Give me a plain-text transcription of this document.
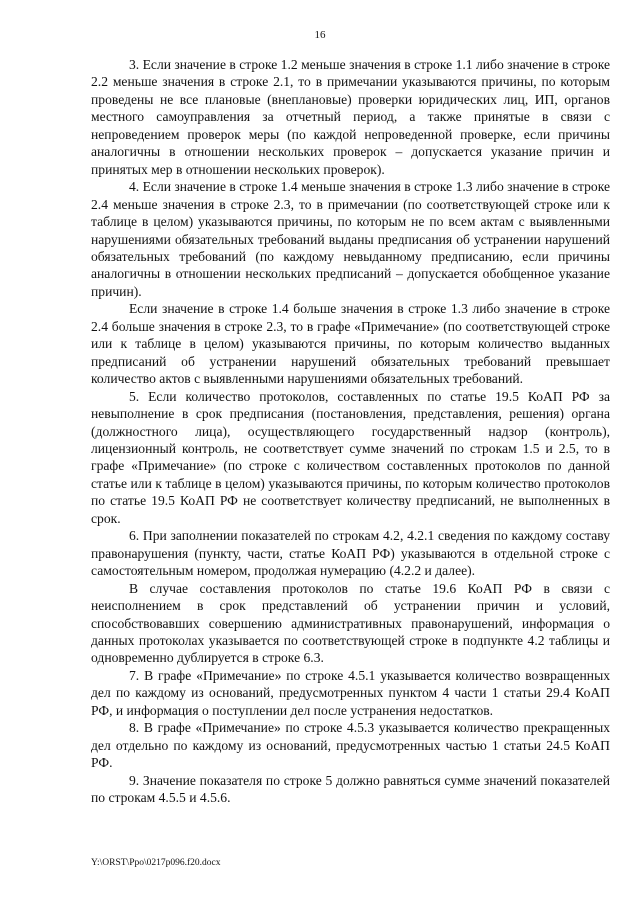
16

3. Если значение в строке 1.2 меньше значения в строке 1.1 либо значение в строке 2.2 меньше значения в строке 2.1, то в примечании указываются причины, по которым проведены не все плановые (внеплановые) проверки юридических лиц, ИП, органов местного самоуправления за отчетный период, а также принятые в связи с непроведением проверок меры (по каждой непроведенной проверке, если причины аналогичны в отношении нескольких проверок – допускается указание причин и принятых мер в отношении нескольких проверок).

4. Если значение в строке 1.4 меньше значения в строке 1.3 либо значение в строке 2.4 меньше значения в строке 2.3, то в примечании (по соответствующей строке или к таблице в целом) указываются причины, по которым не по всем актам с выявленными нарушениями обязательных требований выданы предписания об устранении нарушений обязательных требований (по каждому невыданному предписанию, если причины аналогичны в отношении нескольких предписаний – допускается обобщенное указание причин).

Если значение в строке 1.4 больше значения в строке 1.3 либо значение в строке 2.4 больше значения в строке 2.3, то в графе «Примечание» (по соответствующей строке или к таблице в целом) указываются причины, по которым количество выданных предписаний об устранении нарушений обязательных требований превышает количество актов с выявленными нарушениями обязательных требований.

5. Если количество протоколов, составленных по статье 19.5 КоАП РФ за невыполнение в срок предписания (постановления, представления, решения) органа (должностного лица), осуществляющего государственный надзор (контроль), лицензионный контроль, не соответствует сумме значений по строкам 1.5 и 2.5, то в графе «Примечание» (по строке с количеством составленных протоколов по данной статье или к таблице в целом) указываются причины, по которым количество протоколов по статье 19.5 КоАП РФ не соответствует количеству предписаний, не выполненных в срок.

6. При заполнении показателей по строкам 4.2, 4.2.1 сведения по каждому составу правонарушения (пункту, части, статье КоАП РФ) указываются в отдельной строке с самостоятельным номером, продолжая нумерацию (4.2.2 и далее).

В случае составления протоколов по статье 19.6 КоАП РФ в связи с неисполнением в срок представлений об устранении причин и условий, способствовавших совершению административных правонарушений, информация о данных протоколах указывается по соответствующей строке в подпункте 4.2 таблицы и одновременно дублируется в строке 6.3.

7. В графе «Примечание» по строке 4.5.1 указывается количество возвращенных дел по каждому из оснований, предусмотренных пунктом 4 части 1 статьи 29.4 КоАП РФ, и информация о поступлении дел после устранения недостатков.

8. В графе «Примечание» по строке 4.5.3 указывается количество прекращенных дел отдельно по каждому из оснований, предусмотренных частью 1 статьи 24.5 КоАП РФ.

9. Значение показателя по строке 5 должно равняться сумме значений показателей по строкам 4.5.5 и 4.5.6.

Y:\ORST\Ppo\0217p096.f20.docx
